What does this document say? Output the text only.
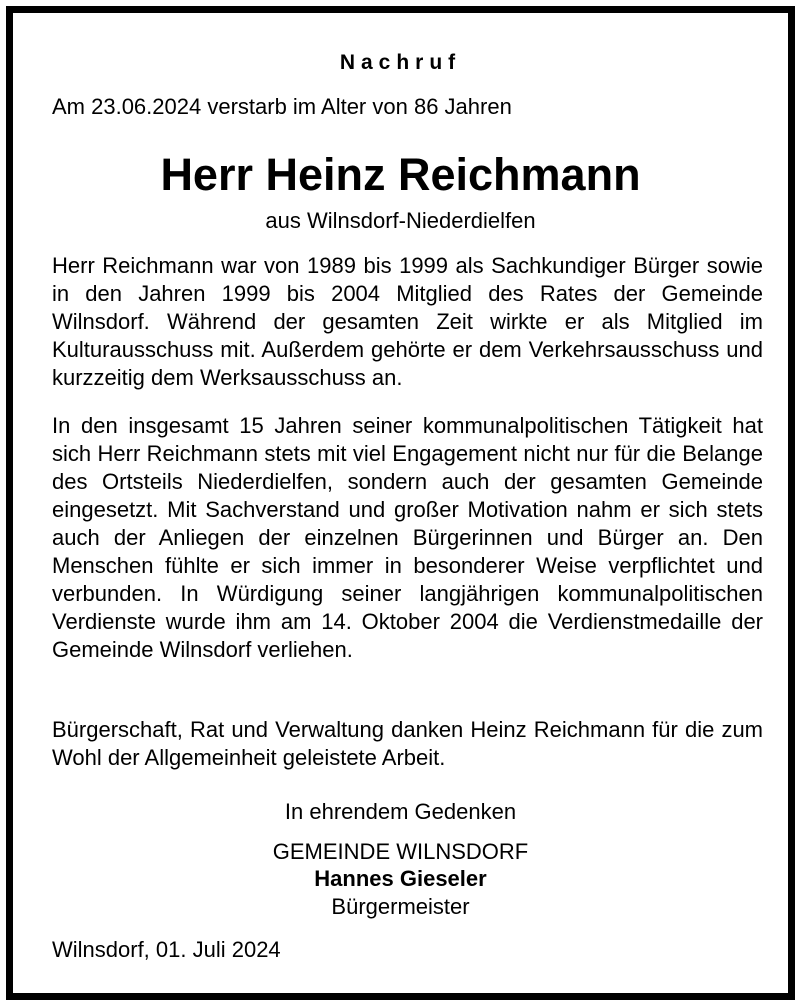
Nachruf
Am 23.06.2024 verstarb im Alter von 86 Jahren
Herr Heinz Reichmann
aus Wilnsdorf-Niederdielfen

Herr Reichmann war von 1989 bis 1999 als Sachkundiger Bürger sowie in den Jahren 1999 bis 2004 Mitglied des Rates der Gemeinde Wilnsdorf. Während der gesamten Zeit wirkte er als Mitglied im Kulturausschuss mit. Außerdem gehörte er dem Verkehrsausschuss und kurzzeitig dem Werksausschuss an.

In den insgesamt 15 Jahren seiner kommunalpolitischen Tätigkeit hat sich Herr Reichmann stets mit viel Engagement nicht nur für die Belange des Ortsteils Niederdielfen, sondern auch der gesamten Gemeinde eingesetzt. Mit Sachverstand und großer Motivation nahm er sich stets auch der Anliegen der einzelnen Bürgerinnen und Bürger an. Den Menschen fühlte er sich immer in besonderer Weise verpflichtet und verbunden. In Würdigung seiner langjährigen kommunalpolitischen Verdienste wurde ihm am 14. Oktober 2004 die Verdienstmedaille der Gemeinde Wilnsdorf verliehen.

Bürgerschaft, Rat und Verwaltung danken Heinz Reichmann für die zum Wohl der Allgemeinheit geleistete Arbeit.

In ehrendem Gedenken
GEMEINDE WILNSDORF
Hannes Gieseler
Bürgermeister
Wilnsdorf, 01. Juli 2024
